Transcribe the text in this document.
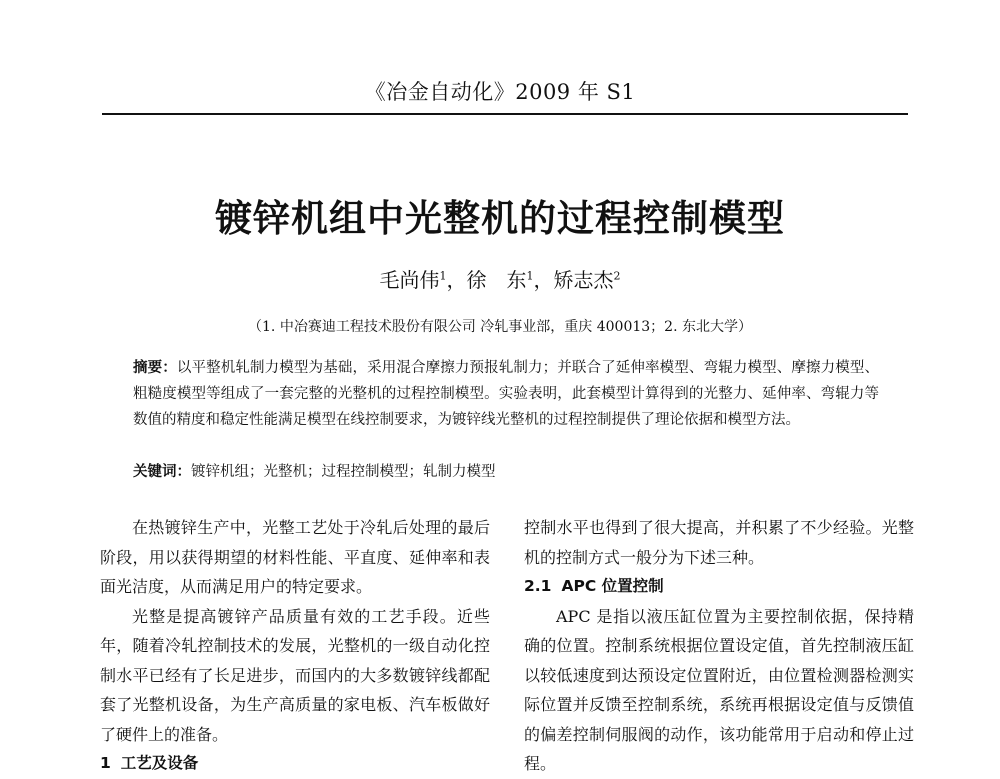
《冶金自动化》2009 年 S1
镀锌机组中光整机的过程控制模型
毛尚伟$^1$，徐　东$^1$，矫志杰$^2$
（1. 中冶赛迪工程技术股份有限公司 冷轧事业部，重庆 400013；2. 东北大学）
摘要：以平整机轧制力模型为基础，采用混合摩擦力预报轧制力；并联合了延伸率模型、弯辊力模型、摩擦力模型、粗糙度模型等组成了一套完整的光整机的过程控制模型。实验表明，此套模型计算得到的光整力、延伸率、弯辊力等数值的精度和稳定性能满足模型在线控制要求，为镀锌线光整机的过程控制提供了理论依据和模型方法。
关键词：镀锌机组；光整机；过程控制模型；轧制力模型

在热镀锌生产中，光整工艺处于冷轧后处理的最后阶段，用以获得期望的材料性能、平直度、延伸率和表面光洁度，从而满足用户的特定要求。

光整是提高镀锌产品质量有效的工艺手段。近些年，随着冷轧控制技术的发展，光整机的一级自动化控制水平已经有了长足进步，而国内的大多数镀锌线都配套了光整机设备，为生产高质量的家电板、汽车板做好了硬件上的准备。

1 工艺及设备

控制水平也得到了很大提高，并积累了不少经验。光整机的控制方式一般分为下述三种。

2.1 APC 位置控制

APC 是指以液压缸位置为主要控制依据，保持精确的位置。控制系统根据位置设定值，首先控制液压缸以较低速度到达预设定位置附近，由位置检测器检测实际位置并反馈至控制系统，系统再根据设定值与反馈值的偏差控制伺服阀的动作，该功能常用于启动和停止过程。
